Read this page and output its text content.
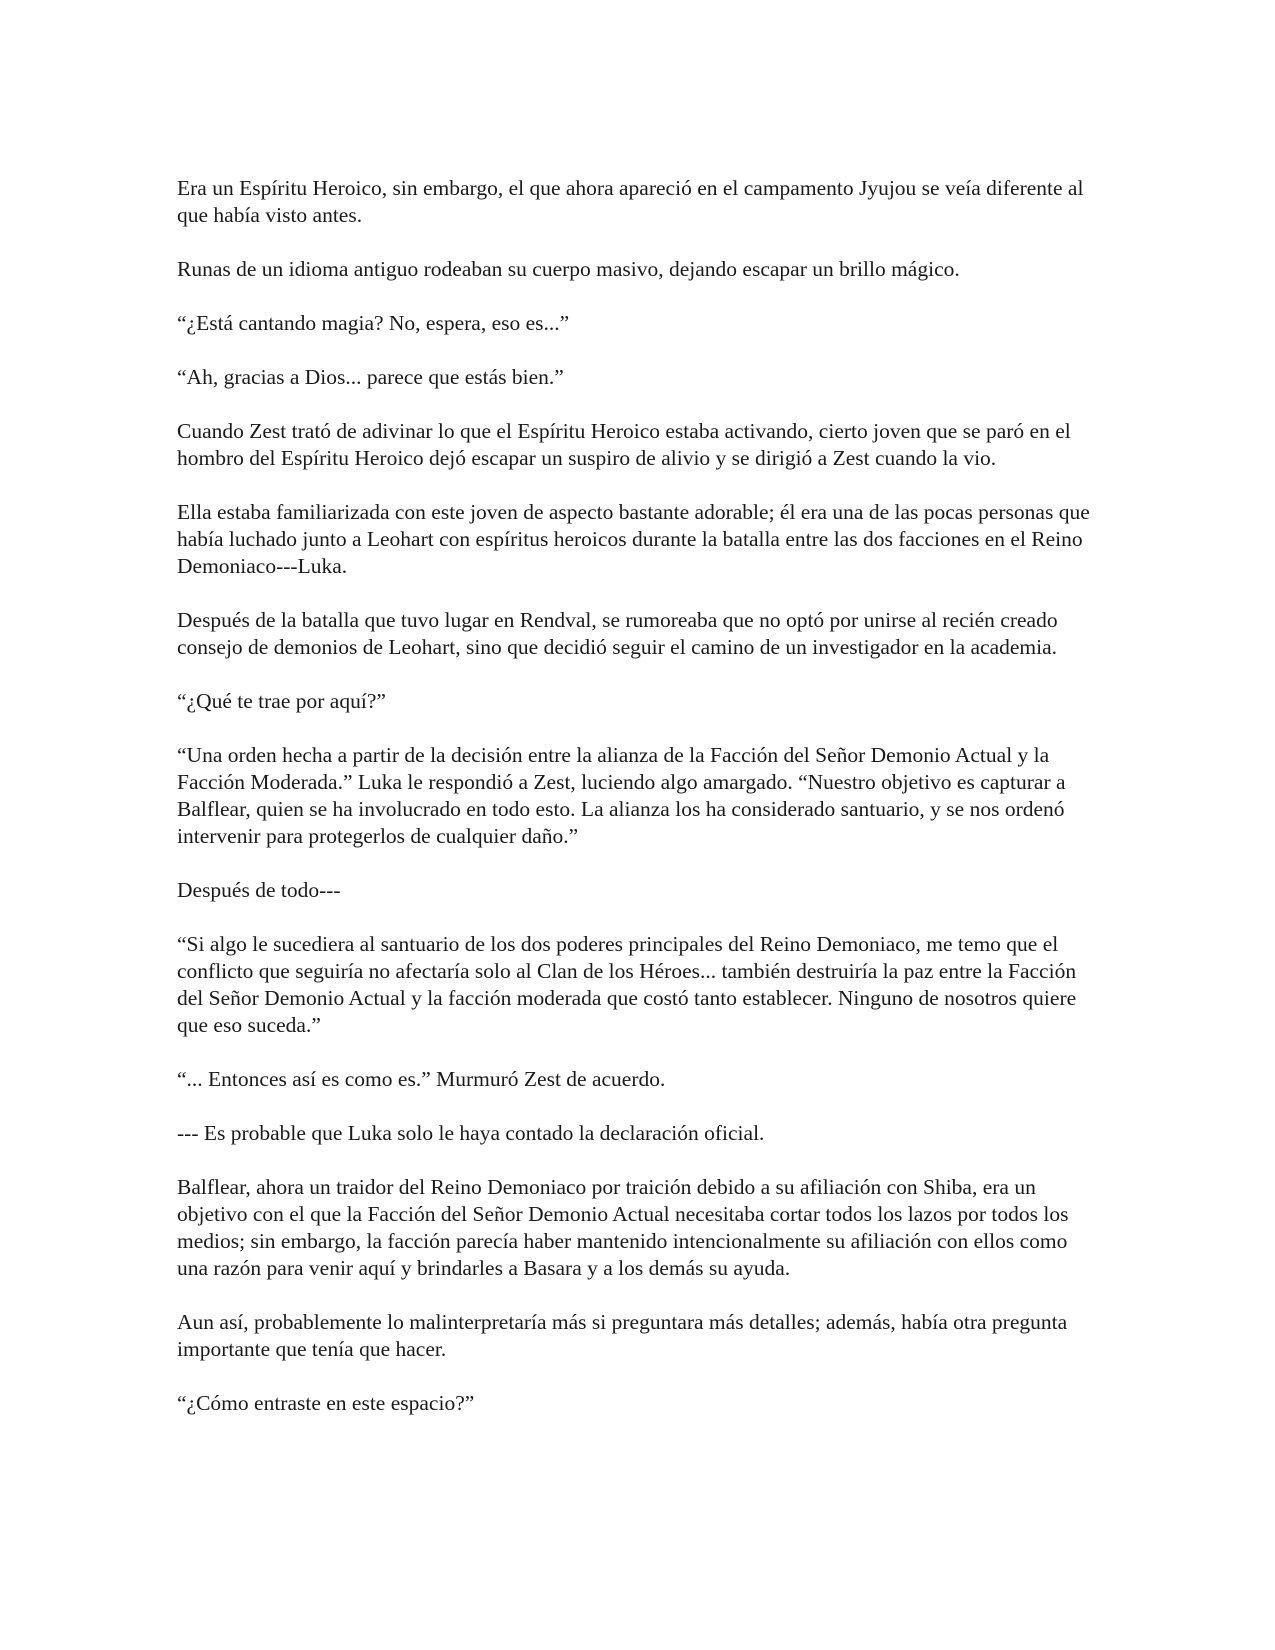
Era un Espíritu Heroico, sin embargo, el que ahora apareció en el campamento Jyujou se veía diferente al que había visto antes.

Runas de un idioma antiguo rodeaban su cuerpo masivo, dejando escapar un brillo mágico.

“¿Está cantando magia? No, espera, eso es...”

“Ah, gracias a Dios... parece que estás bien.”

Cuando Zest trató de adivinar lo que el Espíritu Heroico estaba activando, cierto joven que se paró en el hombro del Espíritu Heroico dejó escapar un suspiro de alivio y se dirigió a Zest cuando la vio.

Ella estaba familiarizada con este joven de aspecto bastante adorable; él era una de las pocas personas que había luchado junto a Leohart con espíritus heroicos durante la batalla entre las dos facciones en el Reino Demoniaco---Luka.

Después de la batalla que tuvo lugar en Rendval, se rumoreaba que no optó por unirse al recién creado consejo de demonios de Leohart, sino que decidió seguir el camino de un investigador en la academia.

“¿Qué te trae por aquí?”

“Una orden hecha a partir de la decisión entre la alianza de la Facción del Señor Demonio Actual y la Facción Moderada.” Luka le respondió a Zest, luciendo algo amargado. “Nuestro objetivo es capturar a Balflear, quien se ha involucrado en todo esto. La alianza los ha considerado santuario, y se nos ordenó intervenir para protegerlos de cualquier daño.”

Después de todo---

“Si algo le sucediera al santuario de los dos poderes principales del Reino Demoniaco, me temo que el conflicto que seguiría no afectaría solo al Clan de los Héroes... también destruiría la paz entre la Facción del Señor Demonio Actual y la facción moderada que costó tanto establecer. Ninguno de nosotros quiere que eso suceda.”

“... Entonces así es como es.” Murmuró Zest de acuerdo.

--- Es probable que Luka solo le haya contado la declaración oficial.

Balflear, ahora un traidor del Reino Demoniaco por traición debido a su afiliación con Shiba, era un objetivo con el que la Facción del Señor Demonio Actual necesitaba cortar todos los lazos por todos los medios; sin embargo, la facción parecía haber mantenido intencionalmente su afiliación con ellos como una razón para venir aquí y brindarles a Basara y a los demás su ayuda.

Aun así, probablemente lo malinterpretaría más si preguntara más detalles; además, había otra pregunta importante que tenía que hacer.

“¿Cómo entraste en este espacio?”
